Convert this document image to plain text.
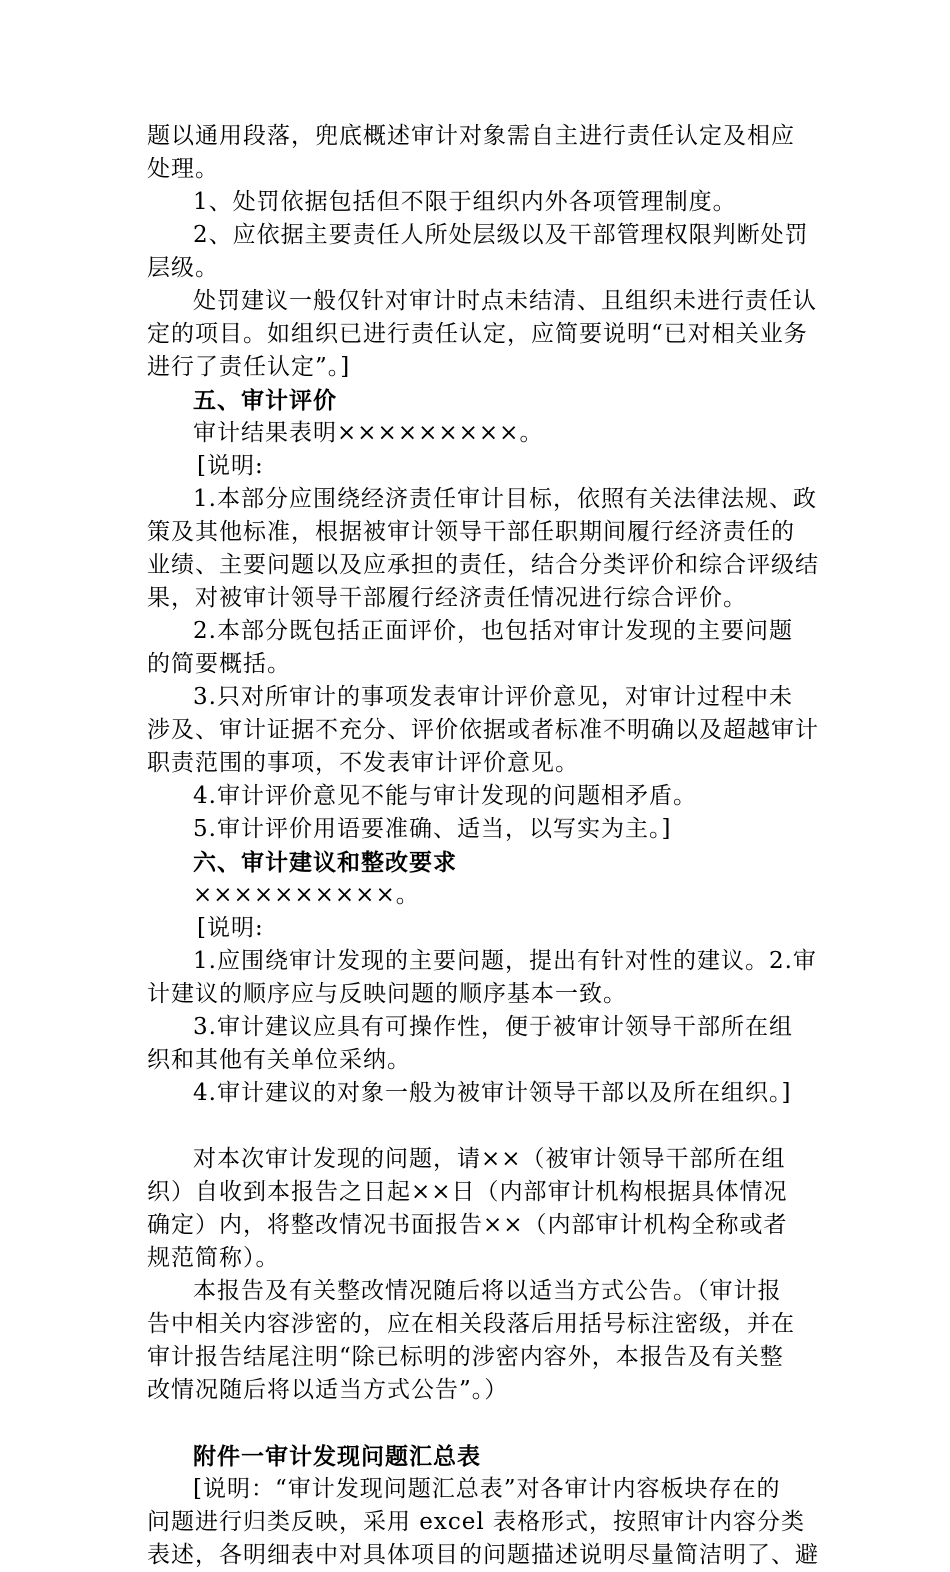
题以通用段落，兜底概述审计对象需自主进行责任认定及相应
处理。
1、处罚依据包括但不限于组织内外各项管理制度。
2、应依据主要责任人所处层级以及干部管理权限判断处罚
层级。
处罚建议一般仅针对审计时点未结清、且组织未进行责任认
定的项目。如组织已进行责任认定，应简要说明“已对相关业务
进行了责任认定”。]
五、审计评价
审计结果表明×××××××××。
[说明:
1.本部分应围绕经济责任审计目标，依照有关法律法规、政
策及其他标准，根据被审计领导干部任职期间履行经济责任的
业绩、主要问题以及应承担的责任，结合分类评价和综合评级结
果，对被审计领导干部履行经济责任情况进行综合评价。
2.本部分既包括正面评价，也包括对审计发现的主要问题
的简要概括。
3.只对所审计的事项发表审计评价意见，对审计过程中未
涉及、审计证据不充分、评价依据或者标准不明确以及超越审计
职责范围的事项，不发表审计评价意见。
4.审计评价意见不能与审计发现的问题相矛盾。
5.审计评价用语要准确、适当，以写实为主。]
六、审计建议和整改要求
××××××××××。
[说明:
1.应围绕审计发现的主要问题，提出有针对性的建议。2.审
计建议的顺序应与反映问题的顺序基本一致。
3.审计建议应具有可操作性，便于被审计领导干部所在组
织和其他有关单位采纳。
4.审计建议的对象一般为被审计领导干部以及所在组织。]
对本次审计发现的问题，请××（被审计领导干部所在组
织）自收到本报告之日起××日（内部审计机构根据具体情况
确定）内，将整改情况书面报告××（内部审计机构全称或者
规范简称）。
本报告及有关整改情况随后将以适当方式公告。（审计报
告中相关内容涉密的，应在相关段落后用括号标注密级，并在
审计报告结尾注明“除已标明的涉密内容外，本报告及有关整
改情况随后将以适当方式公告”。）
附件一审计发现问题汇总表
[说明：“审计发现问题汇总表”对各审计内容板块存在的
问题进行归类反映，采用 excel 表格形式，按照审计内容分类
表述，各明细表中对具体项目的问题描述说明尽量简洁明了、避
